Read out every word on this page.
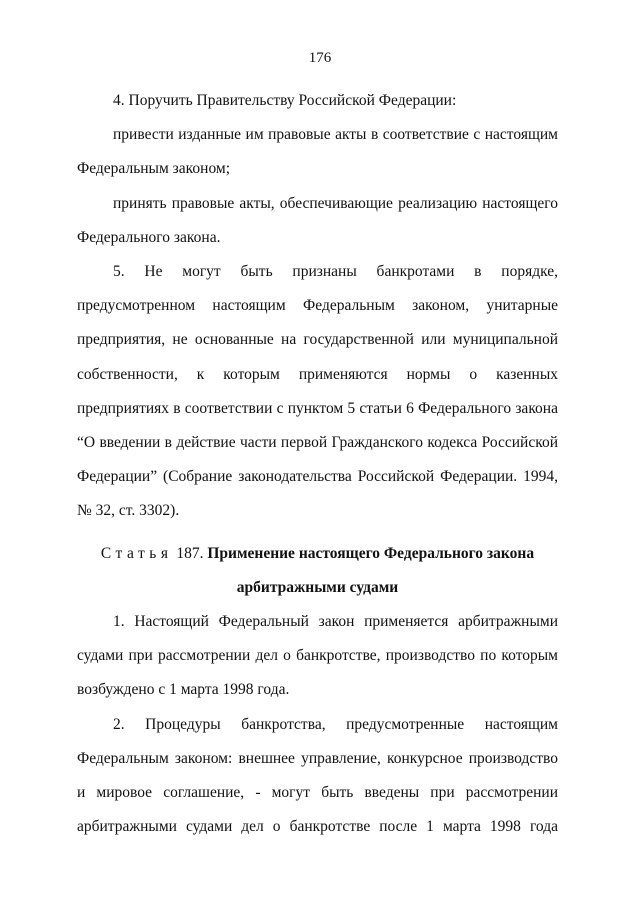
176

4. Поручить Правительству Российской Федерации:

привести изданные им правовые акты в соответствие с настоящим Федеральным законом;

принять правовые акты, обеспечивающие реализацию настоящего Федерального закона.

5. Не могут быть признаны банкротами в порядке, предусмотренном настоящим Федеральным законом, унитарные предприятия, не основанные на государственной или муниципальной собственности, к которым применяются нормы о казенных предприятиях в соответствии с пунктом 5 статьи 6 Федерального закона “О введении в действие части первой Гражданского кодекса Российской Федерации” (Собрание законодательства Российской Федерации. 1994, № 32, ст. 3302).

Статья 187. Применение настоящего Федерального закона
арбитражными судами

1. Настоящий Федеральный закон применяется арбитражными судами при рассмотрении дел о банкротстве, производство по которым возбуждено с 1 марта 1998 года.

2. Процедуры банкротства, предусмотренные настоящим Федеральным законом: внешнее управление, конкурсное производство и мировое соглашение, - могут быть введены при рассмотрении арбитражными судами дел о банкротстве после 1 марта 1998 года
